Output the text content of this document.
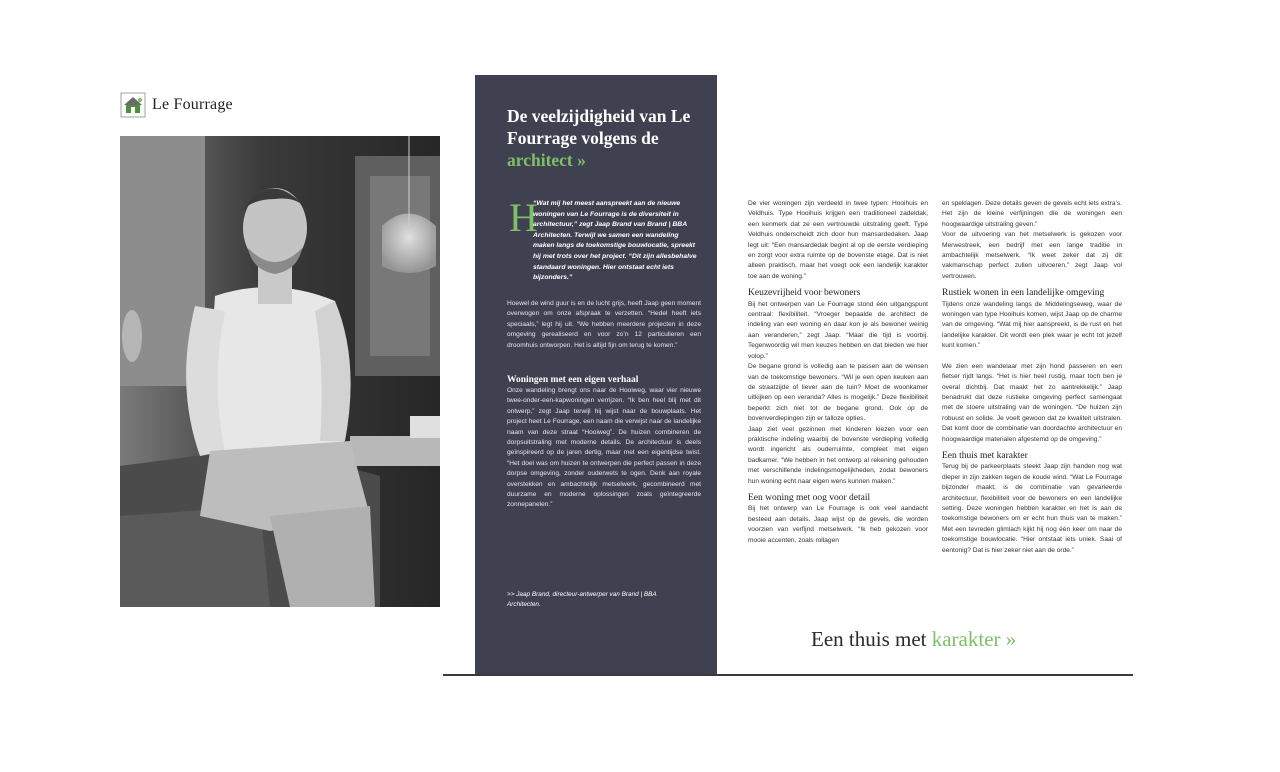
Le Fourrage
De veelzijdigheid van Le Fourrage volgens de architect »
H

“Wat mij het meest aanspreekt aan de nieuwe woningen van Le Fourrage is de diversiteit in architectuur,” zegt Jaap Brand van Brand | BBA Architecten. Terwijl we samen een wandeling maken langs de toekomstige bouwlocatie, spreekt hij met trots over het project. “Dit zijn allesbehalve standaard woningen. Hier ontstaat echt iets bijzonders.”

Hoewel de wind guur is en de lucht grijs, heeft Jaap geen moment overwogen om onze afspraak te verzetten. “Hedel heeft iets speciaals,” legt hij uit. “We hebben meerdere projecten in deze omgeving gerealiseerd en voor zo’n 12 particulieren een droomhuis ontworpen. Het is altijd fijn om terug te komen.”

Woningen met een eigen verhaal

Onze wandeling brengt ons naar de Hooiweg, waar vier nieuwe twee-onder-een-kapwoningen verrijzen. “Ik ben heel blij met dit ontwerp,” zegt Jaap terwijl hij wijst naar de bouwplaats. Het project heet Le Fourrage, een naam die verwijst naar de landelijke naam van deze straat “Hooiweg”. De huizen combineren de dorpsuitstraling met moderne details. De architectuur is deels geïnspireerd op de jaren dertig, maar met een eigentijdse twist. “Het doel was om huizen te ontwerpen die perfect passen in deze dorpse omgeving, zonder ouderwets te ogen. Denk aan royale overstekken en ambachtelijk metselwerk, gecombineerd met duurzame en moderne oplossingen zoals geïntegreerde zonnepanelen.”

>> Jaap Brand, directeur-antwerper van Brand | BBA Architecten.

De vier woningen zijn verdeeld in twee typen: Hooihuis en Veldhuis. Type Hooihuis krijgen een traditioneel zadeldak, een kenmerk dat ze een vertrouwde uitstraling geeft. Type Veldhuis onderscheidt zich door hun mansardedaken. Jaap legt uit: “Een mansardedak begint al op de eerste verdieping en zorgt voor extra ruimte op de bovenste etage. Dat is niet alleen praktisch, maar het voegt ook een landelijk karakter toe aan de woning.”

Keuzevrijheid voor bewoners

Bij het ontwerpen van Le Fourrage stond één uitgangspunt centraal: flexibiliteit. “Vroeger bepaalde de architect de indeling van een woning en daar kon je als bewoner weinig aan veranderen,” zegt Jaap. “Maar die tijd is voorbij. Tegenwoordig wil men keuzes hebben en dat bieden we hier volop.”

De begane grond is volledig aan te passen aan de wensen van de toekomstige bewoners. “Wil je een open keuken aan de straatzijde of liever aan de tuin? Moet de woonkamer uitkijken op een veranda? Alles is mogelijk.” Deze flexibiliteit beperkt zich niet tot de begane grond. Ook op de bovenverdiepingen zijn er talloze opties.

Jaap ziet veel gezinnen met kinderen kiezen voor een praktische indeling waarbij de bovenste verdieping volledig wordt ingericht als ouderruimte, compleet met eigen badkamer. “We hebben in het ontwerp al rekening gehouden met verschillende indelingsmogelijkheden, zodat bewoners hun woning echt naar eigen wens kunnen maken.”

Een woning met oog voor detail

Bij het ontwerp van Le Fourrage is ook veel aandacht besteed aan details. Jaap wijst op de gevels, die worden voorzien van verfijnd metselwerk. “Ik heb gekozen voor mooie accenten, zoals rollagen

en speklagen. Deze details geven de gevels echt iets extra’s. Het zijn de kleine verfijningen die de woningen een hoogwaardige uitstraling geven.”

Voor de uitvoering van het metselwerk is gekozen voor Merwestreek, een bedrijf met een lange traditie in ambachtelijk metselwerk. “Ik weet zeker dat zij dit vakmanschap perfect zullen uitvoeren,” zegt Jaap vol vertrouwen.

Rustiek wonen in een landelijke omgeving

Tijdens onze wandeling langs de Middelingseweg, waar de woningen van type Hooihuis komen, wijst Jaap op de charme van de omgeving. “Wat mij hier aanspreekt, is de rust en het landelijke karakter. Dit wordt een plek waar je echt tot jezelf kunt komen.”

We zien een wandelaar met zijn hond passeren en een fietser rijdt langs. “Het is hier heel rustig, maar toch ben je overal dichtbij. Dat maakt het zo aantrekkelijk.” Jaap benadrukt dat deze rustieke omgeving perfect samengaat met de stoere uitstraling van de woningen. “De huizen zijn robuust en solide. Je voelt gewoon dat ze kwaliteit uitstralen. Dat komt door de combinatie van doordachte architectuur en hoogwaardige materialen afgestemd op de omgeving.”

Een thuis met karakter

Terug bij de parkeerplaats steekt Jaap zijn handen nog wat dieper in zijn zakken tegen de koude wind. “Wat Le Fourrage bijzonder maakt, is de combinatie van gevarieerde architectuur, flexibiliteit voor de bewoners en een landelijke setting. Deze woningen hebben karakter en het is aan de toekomstige bewoners om er echt hun thuis van te maken.” Met een tevreden glimlach kijkt hij nog één keer om naar de toekomstige bouwlocatie. “Hier ontstaat iets uniek. Saai of eentonig? Dat is hier zeker niet aan de orde.”

Een thuis met karakter »
